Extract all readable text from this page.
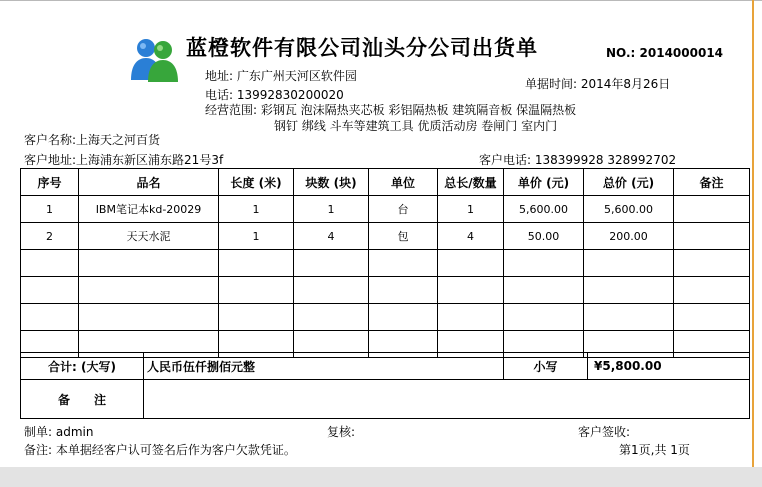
蓝橙软件有限公司汕头分公司出货单	NO.: 2014000014
地址: 广东广州天河区软件园
电话: 13992830200020
单据时间: 2014年8月26日
经营范围: 彩钢瓦 泡沫隔热夹芯板 彩铝隔热板 建筑隔音板 保温隔热板
钢钉 绑线 斗车等建筑工具 优质活动房 卷闸门 室内门
客户名称:上海天之河百货
客户地址:上海浦东新区浦东路21号3f	客户电话: 138399928 328992702
序号	品名	长度 (米)	块数 (块)	单位	总长/数量	单价 (元)	总价 (元)	备注
1	IBM笔记本kd-20029	1	1	台	1	5,600.00	5,600.00	
2	天天水泥	1	4	包	4	50.00	200.00	

合计: (大写)	人民币伍仟捌佰元整	小写	¥5,800.00
备　　注			
制单: admin	复核:	客户签收:
备注: 本单据经客户认可签名后作为客户欠款凭证。	第1页,共 1页
